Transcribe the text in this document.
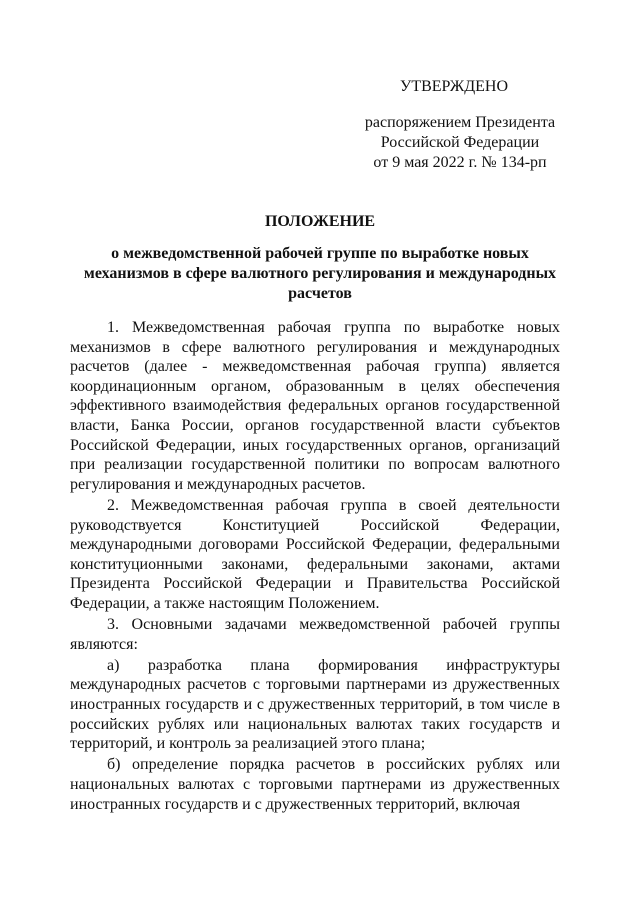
УТВЕРЖДЕНО
распоряжением Президента
Российской Федерации
от 9 мая 2022 г. № 134-рп
ПОЛОЖЕНИЕ
о межведомственной рабочей группе по выработке новых механизмов в сфере валютного регулирования и международных расчетов

1. Межведомственная рабочая группа по выработке новых механизмов в сфере валютного регулирования и международных расчетов (далее - межведомственная рабочая группа) является координационным органом, образованным в целях обеспечения эффективного взаимодействия федеральных органов государственной власти, Банка России, органов государственной власти субъектов Российской Федерации, иных государственных органов, организаций при реализации государственной политики по вопросам валютного регулирования и международных расчетов.

2. Межведомственная рабочая группа в своей деятельности руководствуется Конституцией Российской Федерации, международными договорами Российской Федерации, федеральными конституционными законами, федеральными законами, актами Президента Российской Федерации и Правительства Российской Федерации, а также настоящим Положением.

3. Основными задачами межведомственной рабочей группы являются:

а) разработка плана формирования инфраструктуры международных расчетов с торговыми партнерами из дружественных иностранных государств и с дружественных территорий, в том числе в российских рублях или национальных валютах таких государств и территорий, и контроль за реализацией этого плана;

б) определение порядка расчетов в российских рублях или национальных валютах с торговыми партнерами из дружественных иностранных государств и с дружественных территорий, включая
